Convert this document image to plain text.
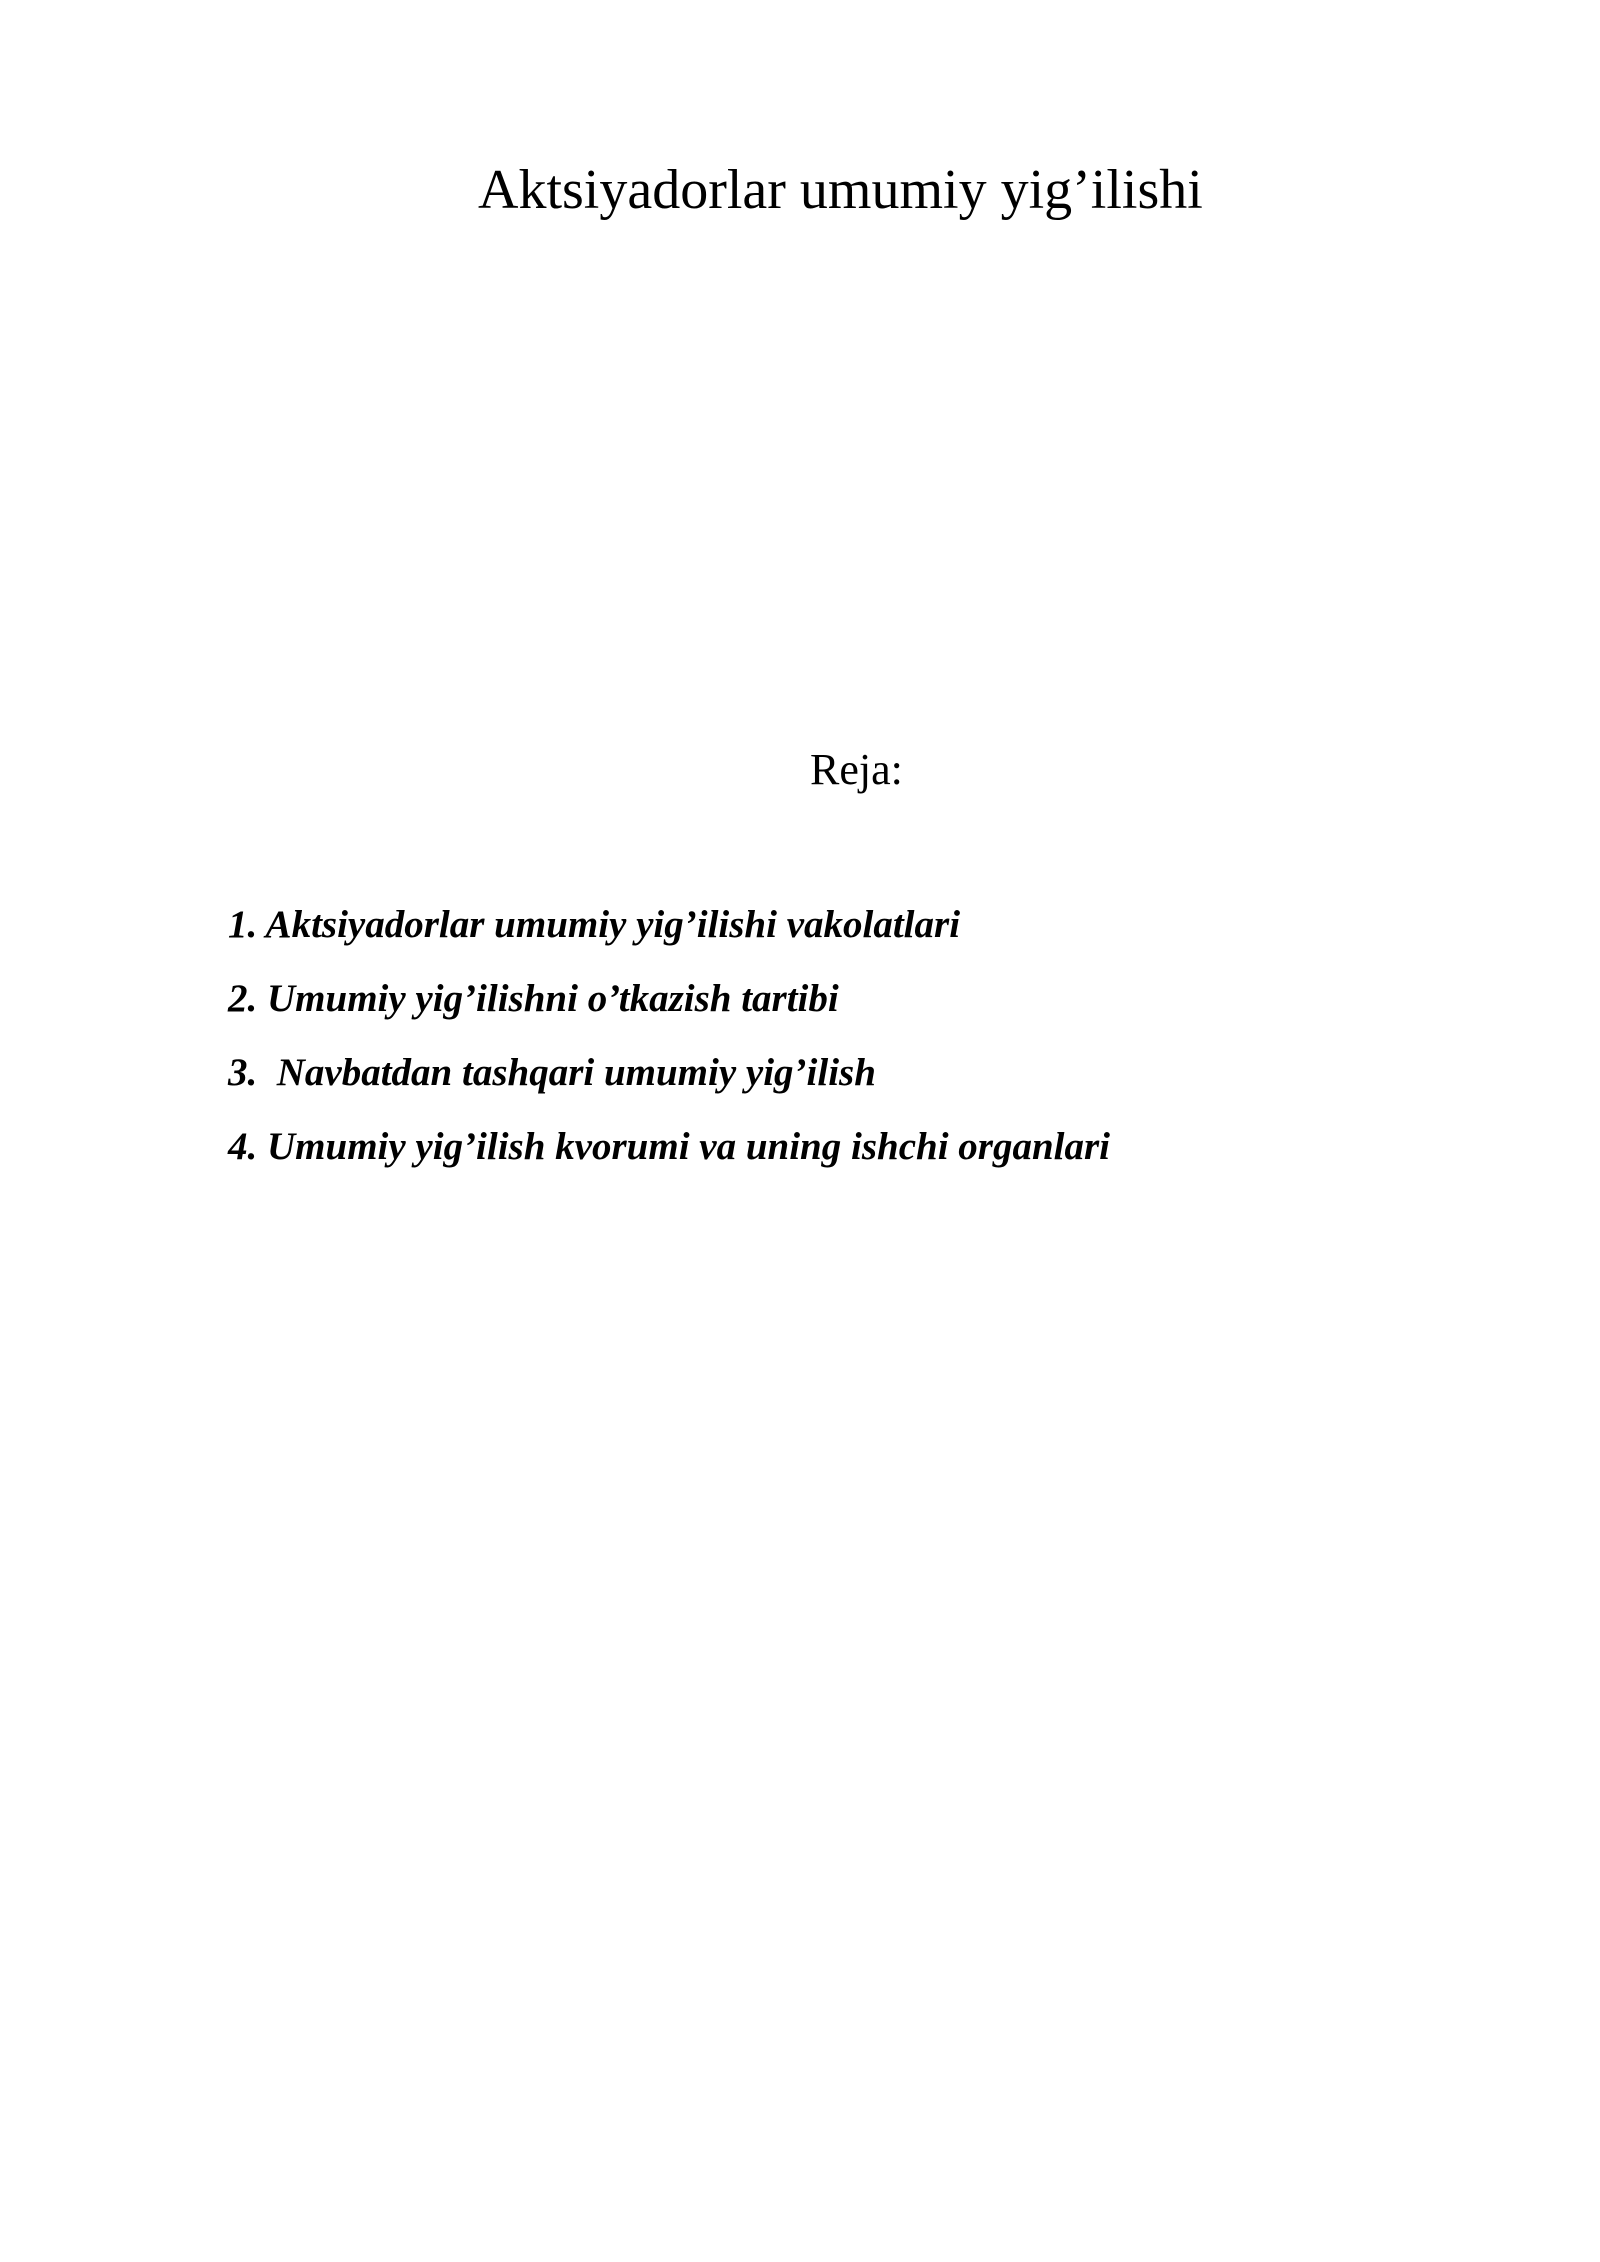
Aktsiyadorlar umumiy yig’ilishi
Reja:
1. Aktsiyadorlar umumiy yig’ilishi vakolatlari
2. Umumiy yig’ilishni o’tkazish tartibi
3.  Navbatdan tashqari umumiy yig’ilish
4. Umumiy yig’ilish kvorumi va uning ishchi organlari
